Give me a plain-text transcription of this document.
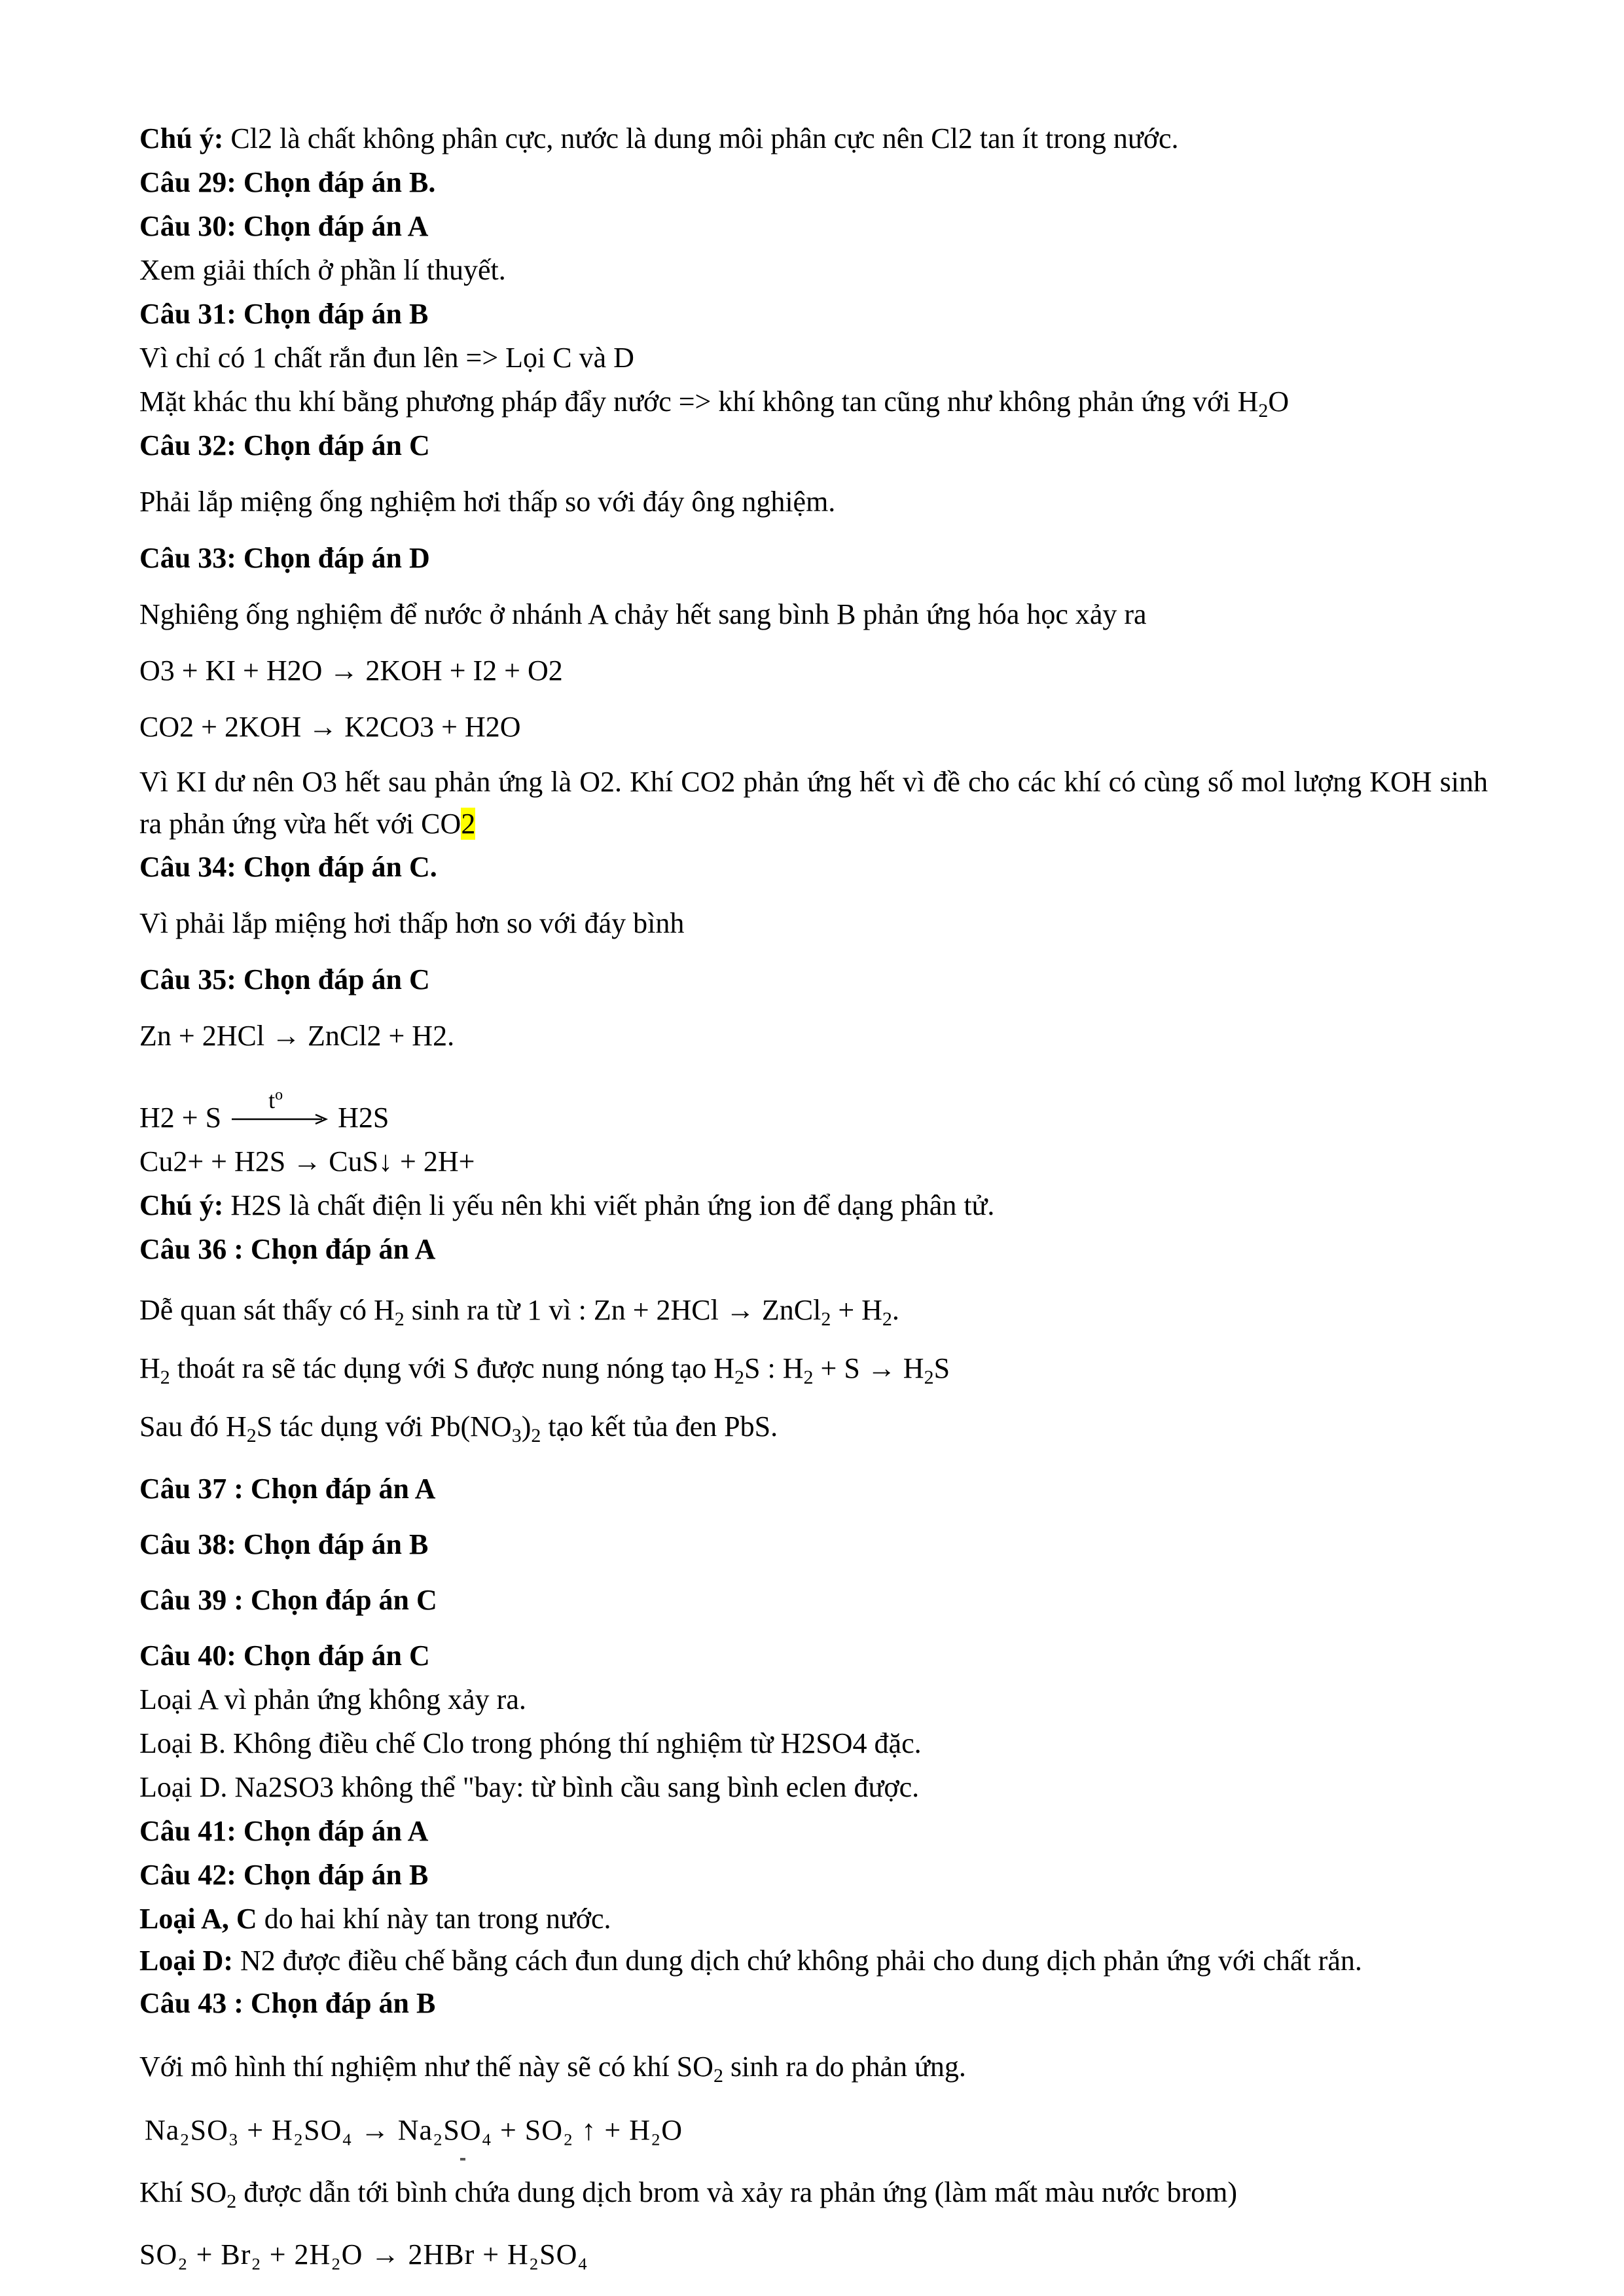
Chú ý: Cl2 là chất không phân cực, nước là dung môi phân cực nên Cl2 tan ít trong nước.
Câu 29: Chọn đáp án B.
Câu 30: Chọn đáp án A
Xem giải thích ở phần lí thuyết.
Câu 31: Chọn đáp án B
Vì chỉ có 1 chất rắn đun lên => Lọi C và D
Mặt khác thu khí bằng phương pháp đẩy nước => khí không tan cũng như không phản ứng với $H_2O$
Câu 32: Chọn đáp án C
Phải lắp miệng ống nghiệm hơi thấp so với đáy ông nghiệm.
Câu 33: Chọn đáp án D
Nghiêng ống nghiệm để nước ở nhánh A chảy hết sang bình B phản ứng hóa học xảy ra
O3 + KI + H2O → 2KOH + I2 + O2
CO2 + 2KOH → K2CO3 + H2O
Vì KI dư nên O3 hết sau phản ứng là O2. Khí CO2 phản ứng hết vì đề cho các khí có cùng số mol lượng KOH sinh ra phản ứng vừa hết với CO2
Câu 34: Chọn đáp án C.
Vì phải lắp miệng hơi thấp hơn so với đáy bình
Câu 35: Chọn đáp án C
Zn + 2HCl → ZnCl2 + H2.
H2 + S
$t^o$
H2S
Cu2+ + H2S → CuS↓ + 2H+
Chú ý: H2S là chất điện li yếu nên khi viết phản ứng ion để dạng phân tử.
Câu 36 : Chọn đáp án A
Dễ quan sát thấy có $H_2$ sinh ra từ 1 vì : Zn + 2HCl → ZnCl$_2$ + $H_2$.
$H_2$ thoát ra sẽ tác dụng với S được nung nóng tạo $H_2S$ : $H_2 + S \to H_2S$
Sau đó $H_2S$ tác dụng với $Pb(NO_3)_2$ tạo kết tủa đen PbS.
Câu 37 : Chọn đáp án A
Câu 38: Chọn đáp án B
Câu 39 : Chọn đáp án C
Câu 40: Chọn đáp án C
Loại A vì phản ứng không xảy ra.
Loại B. Không điều chế Clo trong phóng thí nghiệm từ H2SO4 đặc.
Loại D. Na2SO3 không thể "bay: từ bình cầu sang bình eclen được.
Câu 41: Chọn đáp án A
Câu 42: Chọn đáp án B
Loại A, C do hai khí này tan trong nước.
Loại D: N2 được điều chế bằng cách đun dung dịch chứ không phải cho dung dịch phản ứng với chất rắn.
Câu 43 : Chọn đáp án B
Với mô hình thí nghiệm như thế này sẽ có khí $SO_2$ sinh ra do phản ứng.
Na₂SO₃ + H₂SO₄ → Na₂SO₄ + SO₂ ↑ + H₂O
Khí $SO_2$ được dẫn tới bình chứa dung dịch brom và xảy ra phản ứng (làm mất màu nước brom)
SO₂ + Br₂ + 2H₂O → 2HBr + H₂SO₄
